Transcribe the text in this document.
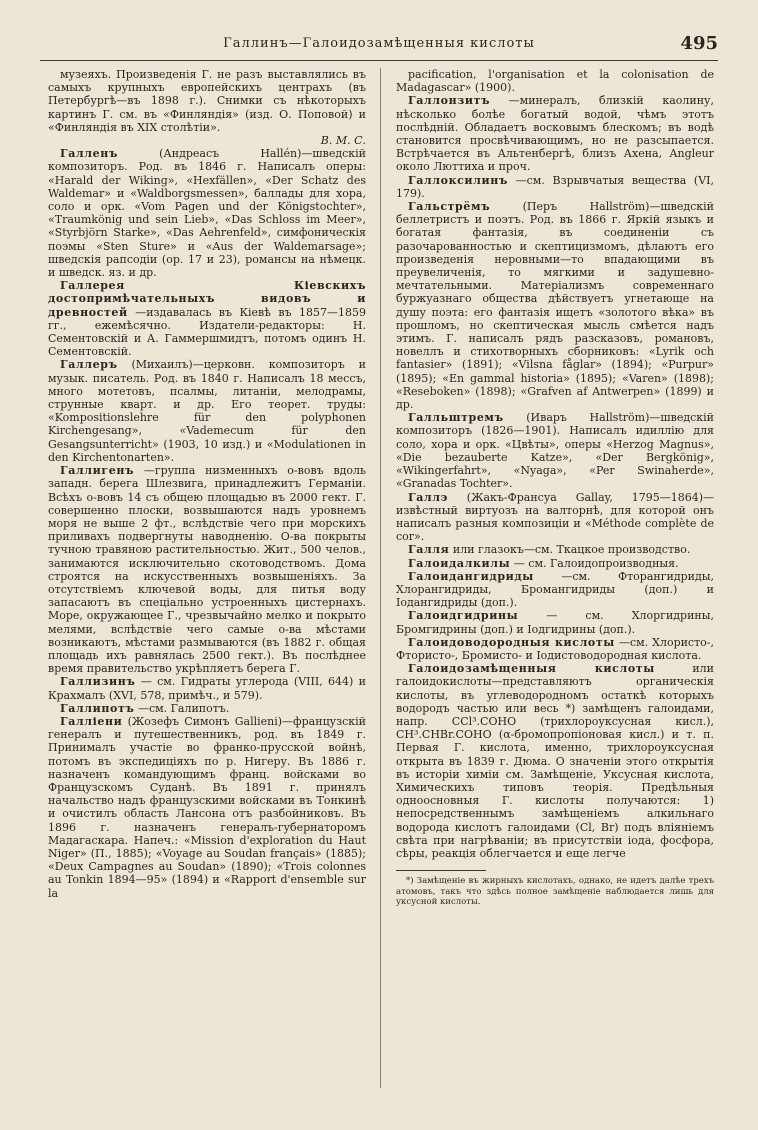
Галлинъ—Галоидозамѣщенныя кислоты	495

музеяхъ. Произведенія Г. не разъ выставлялись въ самыхъ крупныхъ европейскихъ центрахъ (въ Петербургѣ—въ 1898 г.). Снимки съ нѣкоторыхъ картинъ Г. см. въ «Финляндія» (изд. О. Поповой) и «Финляндія въ XIX столѣтіи».

В. М. С.

Галленъ	(Андреасъ Hallén)—шведскій композиторъ. Род. въ 1846 г. Написалъ оперы: «Harald der Wiking», «Hexfällen», «Der Schatz des Waldemar» и «Waldborgsmessen», баллады для хора, соло и орк. «Vom Pagen und der Königstochter», «Traumkönig und sein Lieb», «Das Schloss im Meer», «Styrbjörn Starke», «Das Aehrenfeld», симфоническія поэмы «Sten Sture» и «Aus der Waldemarsage»; шведскія рапсодіи (ор. 17 и 23), романсы на нѣмецк. и шведск. яз. и др.

Галлерея Кіевскихъ достопримѣчательныхъ видовъ и древностей —издавалась въ Кіевѣ въ 1857—1859 гг., ежемѣсячно. Издатели-редакторы: Н. Сементовскій и А. Гаммершмидтъ, потомъ одинъ Н. Сементовскій.

Галлеръ (Михаилъ)—церковн. композиторъ и музык. писатель. Род. въ 1840 г. Написалъ 18 мессъ, много мотетовъ, псалмы, литаніи, мелодрамы, струнные кварт. и др. Его теорет. труды: «Kompositionslehre für den polyphonen Kirchengesang», «Vademecum für den Gesangsunterricht» (1903, 10 изд.) и «Modulationen in den Kirchentonarten».

Галлигенъ —группа низменныхъ о-вовъ вдоль западн. берега Шлезвига, принадлежитъ Германіи. Всѣхъ о-вовъ 14 съ общею площадью въ 2000 гект. Г. совершенно плоски, возвышаются надъ уровнемъ моря не выше 2 фт., вслѣдствіе чего при морскихъ приливахъ подвергнуты наводненію. О-ва покрыты тучною травяною растительностью. Жит., 500 челов., занимаются исключительно скотоводствомъ. Дома строятся на искусственныхъ возвышеніяхъ. За отсутствіемъ ключевой воды, для питья воду запасаютъ въ спеціально устроенныхъ цистернахъ. Море, окружающее Г., чрезвычайно мелко и покрыто мелями, вслѣдствіе чего самые о-ва мѣстами возникаютъ, мѣстами размываются (въ 1882 г. общая площадь ихъ равнялась 2500 гект.). Въ послѣднее время правительство укрѣпляетъ берега Г.

Галлизинъ — см. Гидраты углерода (VIII, 644) и Крахмалъ (XVI, 578, примѣч., и 579).

Галлипотъ —см. Галипотъ.

Галліени (Жозефъ Симонъ Gallieni)—французскій генералъ и путешественникъ, род. въ 1849 г. Принималъ участіе во франко-прусской войнѣ, потомъ въ экспедиціяхъ по р. Нигеру. Въ 1886 г. назначенъ командующимъ франц. войсками во Французскомъ Суданѣ. Въ 1891 г. принялъ начальство надъ французскими войсками въ Тонкинѣ и очистилъ область Лансона отъ разбойниковъ. Въ 1896 г. назначенъ генералъ-губернаторомъ Мадагаскара. Напеч.: «Mission d'exploration du Haut Niger» (П., 1885); «Voyage au Soudan français» (1885); «Deux Campagnes au Soudan» (1890); «Trois colonnes au Tonkin 1894—95» (1894) и «Rapport d'ensemble sur la

pacification, l'organisation et la colonisation de Madagascar» (1900).

Галлонзитъ —минералъ, близкій каолину, нѣсколько болѣе богатый водой, чѣмъ этотъ послѣдній. Обладаетъ восковымъ блескомъ; въ водѣ становится просвѣчивающимъ, но не разсыпается. Встрѣчается въ Альтенбергѣ, близъ Ахена, Angleur около Люттиха и проч.

Галлоксилинъ —см. Взрывчатыя вещества (VI, 179).

Гальстрёмъ	(Перъ Hallström)—шведскій беллетристъ и поэтъ. Род. въ 1866 г. Яркій языкъ и богатая фантазія, въ соединеніи съ разочарованностью и скептицизмомъ, дѣлаютъ его произведенія неровными—то впадающими въ преувеличенія, то мягкими и задушевно-мечтательными. Матеріализмъ современнаго буржуазнаго общества дѣйствуетъ угнетающе на душу поэта: его фантазія ищетъ «золотого вѣка» въ прошломъ, но скептическая мысль смѣется надъ этимъ. Г. написалъ рядъ разсказовъ, романовъ, новеллъ и стихотворныхъ сборниковъ: «Lyrik och fantasier» (1891); «Vilsna fåglar» (1894); «Purpur» (1895); «En gammal historia» (1895); «Varen» (1898); «Reseboken» (1898); «Grafven af Antwerpen» (1899) и др.

Галльштремъ (Иваръ Hallström)—шведскій композиторъ (1826—1901). Написалъ идиллію для соло, хора и орк. «Цвѣты», оперы «Herzog Magnus», «Die bezauberte Katze», «Der Bergkönig», «Wikingerfahrt», «Nyaga», «Per Swinaherde», «Granadas Tochter».

Галлэ (Жакъ-Франсуа Gallay, 1795—1864)—извѣстный виртуозъ на валторнѣ, для которой онъ написалъ разныя композиціи и «Méthode complète de cor».

Галля или глазокъ—см. Ткацкое производство.

Галоидалкилы — см. Галоидопроизводныя.

Галоидангидриды —см. Фторангидриды, Хлорангидриды, Бромангидриды (доп.) и Іодангидриды (доп.).

Галоидгидрины	— см. Хлоргидрины, Бромгидрины (доп.) и Іодгидрины (доп.).

Галоидоводородныя кислоты —см. Хлористо-, Фтористо-, Бромисто- и Іодистоводородная кислота.

Галоидозамѣщенныя кислоты	или галоидокислоты—представляютъ органическія кислоты, въ углеводородномъ остаткѣ которыхъ водородъ частью или весь *) замѣщенъ галоидами, напр. CCl³.COHO (трихлороуксусная кисл.), CH³.CHBr.COHO (α-бромопропіоновая кисл.) и т. п. Первая Г. кислота, именно, трихлороуксусная открыта въ 1839 г. Дюма. О значеніи этого открытія въ исторіи химіи см. Замѣщеніе, Уксусная кислота, Химическихъ типовъ теорія. Предѣльныя одноосновныя Г. кислоты получаются: 1) непосредственнымъ замѣщеніемъ алкильнаго водорода кислотъ галоидами (Cl, Br) подъ вліяніемъ свѣта при нагрѣваніи; въ присутствіи іода, фосфора, сѣры, реакція облегчается и еще легче

*) Замѣщеніе въ жирныхъ кислотахъ, однако, не идетъ далѣе трехъ атомовъ, такъ что здѣсь полное замѣщеніе наблюдается лишь для уксусной кислоты.
